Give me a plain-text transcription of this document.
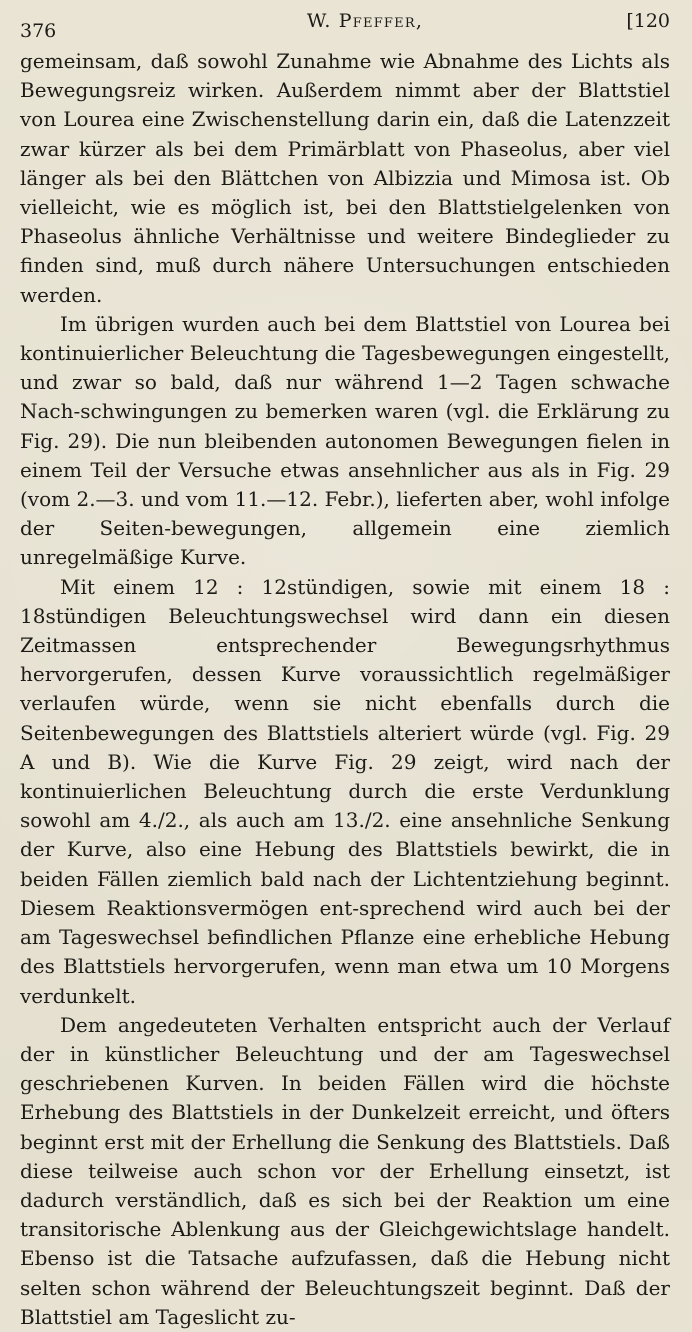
376	W. Pfeffer,	[120

gemeinsam, daß sowohl Zunahme wie Abnahme des Lichts als Bewegungsreiz wirken. Außerdem nimmt aber der Blattstiel von Lourea eine Zwischenstellung darin ein, daß die Latenzzeit zwar kürzer als bei dem Primärblatt von Phaseolus, aber viel länger als bei den Blättchen von Albizzia und Mimosa ist. Ob vielleicht, wie es möglich ist, bei den Blattstielgelenken von Phaseolus ähnliche Verhältnisse und weitere Bindeglieder zu finden sind, muß durch nähere Untersuchungen entschieden werden.

Im übrigen wurden auch bei dem Blattstiel von Lourea bei kontinuierlicher Beleuchtung die Tagesbewegungen eingestellt, und zwar so bald, daß nur während 1—2 Tagen schwache Nach-schwingungen zu bemerken waren (vgl. die Erklärung zu Fig. 29). Die nun bleibenden autonomen Bewegungen fielen in einem Teil der Versuche etwas ansehnlicher aus als in Fig. 29 (vom 2.—3. und vom 11.—12. Febr.), lieferten aber, wohl infolge der Seiten-bewegungen, allgemein eine ziemlich unregelmäßige Kurve.

Mit einem 12 : 12stündigen, sowie mit einem 18 : 18stündigen Beleuchtungswechsel wird dann ein diesen Zeitmassen entsprechender Bewegungsrhythmus hervorgerufen, dessen Kurve voraussichtlich regelmäßiger verlaufen würde, wenn sie nicht ebenfalls durch die Seitenbewegungen des Blattstiels alteriert würde (vgl. Fig. 29 A und B). Wie die Kurve Fig. 29 zeigt, wird nach der kontinuierlichen Beleuchtung durch die erste Verdunklung sowohl am 4./2., als auch am 13./2. eine ansehnliche Senkung der Kurve, also eine Hebung des Blattstiels bewirkt, die in beiden Fällen ziemlich bald nach der Lichtentziehung beginnt. Diesem Reaktionsvermögen ent-sprechend wird auch bei der am Tageswechsel befindlichen Pflanze eine erhebliche Hebung des Blattstiels hervorgerufen, wenn man etwa um 10 Morgens verdunkelt.

Dem angedeuteten Verhalten entspricht auch der Verlauf der in künstlicher Beleuchtung und der am Tageswechsel geschriebenen Kurven. In beiden Fällen wird die höchste Erhebung des Blattstiels in der Dunkelzeit erreicht, und öfters beginnt erst mit der Erhellung die Senkung des Blattstiels. Daß diese teilweise auch schon vor der Erhellung einsetzt, ist dadurch verständlich, daß es sich bei der Reaktion um eine transitorische Ablenkung aus der Gleichgewichtslage handelt. Ebenso ist die Tatsache aufzufassen, daß die Hebung nicht selten schon während der Beleuchtungszeit beginnt. Daß der Blattstiel am Tageslicht zu-
